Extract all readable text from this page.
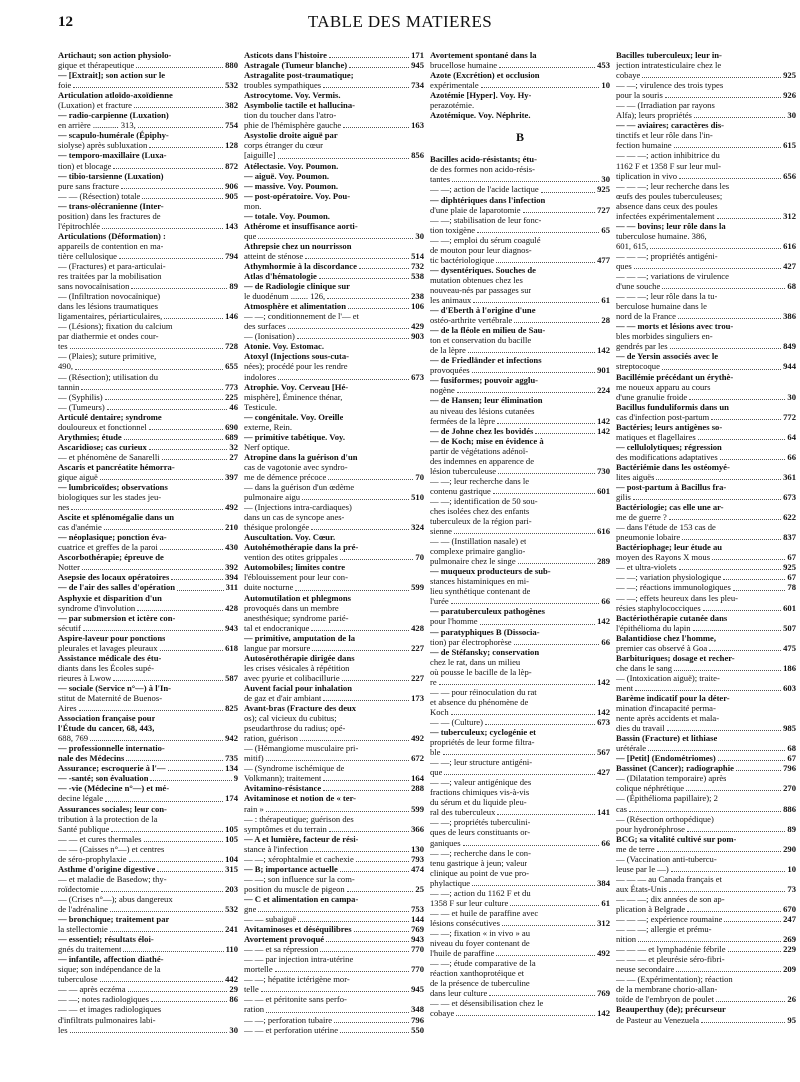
12	TABLE DES MATIERES
Artichaut; son action physiolo-
gique et thérapeutique	880
— [Extrait]; son action sur le
foie	532
Articulation atloïdo-axoïdienne
(Luxation) et fracture	382
— radio-carpienne (Luxation)
en arrière ............ 313,	754
— scapulo-humérale (Épiphy-
siolyse) après subluxation	128
— temporo-maxillaire (Luxa-
tion) et blocage	872
— tibio-tarsienne (Luxation)
pure sans fracture	906
— — (Résection) totale	905
— trans-olécranienne (Inter-
position) dans les fractures de
l'épitrochlée	143
Articulations (Déformation) :
appareils de contention en ma-
tière cellulosique	794
— (Fractures) et para-articulai-
res traitées par la mobilisation
sans novocaïnisation	89
— (Infiltration novocaïnique)
dans les lésions traumatiques
ligamentaires, périarticulaires,	146
— (Lésions); fixation du calcium
par diathermie et ondes cour-
tes	728
— (Plaies); suture primitive,
490,	655
— (Résection); utilisation du
tannin	773
— (Syphilis)	225
— (Tumeurs)	46
Articulé dentaire; syndrome
douloureux et fonctionnel	690
Arythmies; étude	689
Ascaridiose; cas curieux	32
— et phénomène de Sanarelli	27
Ascaris et pancréatite hémorra-
gique aiguë	397
— lumbricoïdes; observations
biologiques sur les stades jeu-
nes	492
Ascite et splénomégalie dans un
cas d'anémie	210
— néoplasique; ponction éva-
cuatrice et greffes de la paroi	430
Ascorbothérapie; épreuve de
Notter	392
Asepsie des locaux opératoires	394
— de l'air des salles d'opération	311
Asphyxie et disparition d'un
syndrome d'involution	428
— par submersion et ictère con-
sécutif	943
Aspire-laveur pour ponctions
pleurales et lavages pleuraux	618
Assistance médicale des étu-
diants dans les Écoles supé-
rieures à Lwow	587
— sociale (Service n°—) à l'In-
stitut de Maternité de Buenos-
Aires	825
Association française pour
l'Étude du cancer, 68, 443,
688, 769	942
— professionnelle internatio-
nale des Médecins	735
Assurance; escroquerie à l'—	134
— -santé; son évaluation	9
— -vie (Médecine n°—) et mé-
decine légale	174
Assurances sociales; leur con-
tribution à la protection de la
Santé publique	105
— — et cures thermales	105
— — (Caisses n°—) et centres
de séro-prophylaxie	104
Asthme d'origine digestive	315
— et maladie de Basedow; thy-
roïdectomie	203
— (Crises n°—); abus dangereux
de l'adrénaline	532
— bronchique; traitement par
la stellectomie	241
— essentiel; résultats éloi-
gnés du traitement	110
— infantile, affection diathé-
sique; son indépendance de la
tuberculose	442
— — après eczéma	29
— —; notes radiologiques	86
— — et images radiologiques
d'infiltrats pulmonaires labi-
les	30
Asticots dans l'histoire	171
Astragale (Tumeur blanche)	945
Astragalite post-traumatique;
troubles sympathiques	734
Astrocytome. Voy. Vermis.
Asymbolie tactile et hallucina-
tion du toucher dans l'atro-
phie de l'hémisphère gauche	163
Asystolie droite aiguë par
corps étranger du cœur
[aiguille]	856
Atélectasie. Voy. Poumon.
— aiguë. Voy. Poumon.
— massive. Voy. Poumon.
— post-opératoire. Voy. Pou-
mon.
— totale. Voy. Poumon.
Athérome et insuffisance aorti-
que	30
Athrepsie chez un nourrisson
atteint de sténose	514
Athymhormie à la discordance	732
Atlas d'hématologie	538
— de Radiologie clinique sur
le duodénum ........ 126,	238
Atmosphère et alimentation	106
— —; conditionnement de l'— et
des surfaces	429
— (Ionisation)	903
Atonie. Voy. Estomac.
Atoxyl (Injections sous-cuta-
nées); procédé pour les rendre
indolores	673
Atrophie. Voy. Cerveau [Hé-
misphère], Éminence thénar,
Testicule.
— congénitale. Voy. Oreille
externe, Rein.
— primitive tabétique. Voy.
Nerf optique.
Atropine dans la guérison d'un
cas de vagotonie avec syndro-
me de démence précoce	70
— dans la guérison d'un œdème
pulmonaire aigu	510
— (Injections intra-cardiaques)
dans un cas de syncope anes-
thésique prolongée	324
Auscultation. Voy. Cœur.
Autohémothérapie dans la pré-
vention des otites grippales	70
Automobiles; limites contre
l'éblouissement pour leur con-
duite nocturne	599
Automutilation et phlegmons
provoqués dans un membre
anesthésique; syndrome parié-
tal et endocranique	428
— primitive, amputation de la
langue par morsure	227
Autosérothérapie dirigée dans
les crises vésicales à répétition
avec pyurie et colibacillurie	227
Auvent facial pour inhalation
de gaz et d'air ambiant	173
Avant-bras (Fracture des deux
os); cal vicieux du cubitus;
pseudarthrose du radius; opé-
ration, guérison	492
— (Hémangiome musculaire pri-
mitif)	672
— (Syndrome ischémique de
Volkmann); traitement	164
Avitamino-résistance	288
Avitaminose et notion de « ter-
rain »	599
— : thérapeutique; guérison des
symptômes et du terrain	366
— A et lumière, facteur de rési-
stance à l'infection	130
— —; xérophtalmie et cachexie	793
— B; importance actuelle	474
— —; son influence sur la com-
position du muscle de pigeon	25
— C et alimentation en campa-
gne	753
— — subaiguë	144
Avitaminoses et déséquilibres	769
Avortement provoqué	943
— — et sa répression	770
— — par injection intra-utérine
mortelle	770
— —; hépatite ictérigène mor-
telle	945
— — et péritonite sans perfo-
ration	348
— —; perforation tubaire	796
— — et perforation utérine	550
Avortement spontané dans la
brucellose humaine	453
Azote (Excrétion) et occlusion
expérimentale	10
Azotémie [Hyper]. Voy. Hy-
perazotémie.
Azotémique. Voy. Néphrite.
B
Bacilles acido-résistants; étu-
de des formes non acido-résis-
tantes	30
— —; action de l'acide lactique	925
— diphtériques dans l'infection
d'une plaie de laparotomie	727
— —; stabilisation de leur fonc-
tion toxigène	65
— —; emploi du sérum coagulé
de mouton pour leur diagnos-
tic bactériologique	477
— dysentériques. Souches de
mutation obtenues chez les
nouveau-nés par passages sur
les animaux	61
— d'Eberth à l'origine d'une
ostéo-arthrite vertébrale	28
— de la fléole en milieu de Sau-
ton et conservation du bacille
de la lèpre	142
— de Friedländer et infections
provoquées	901
— fusiformes; pouvoir agglu-
nogène	224
— de Hansen; leur élimination
au niveau des lésions cutanées
fermées de la lèpre	142
— de Johne chez les bovidés	142
— de Koch; mise en évidence à
partir de végétations adénoï-
des indemnes en apparence de
lésion tuberculeuse	730
— —; leur recherche dans le
contenu gastrique	601
— —; identification de 50 sou-
ches isolées chez des enfants
tuberculeux de la région pari-
sienne	616
— — (Instillation nasale) et
complexe primaire ganglio-
pulmonaire chez le singe	289
— muqueux producteurs de sub-
stances histaminiques en mi-
lieu synthétique contenant de
l'urée	66
— paratuberculeux pathogènes
pour l'homme	142
— paratyphiques B (Dissocia-
tion) par électrophorèse	66
— de Stéfansky; conservation
chez le rat, dans un milieu
où pousse le bacille de la lèp-
re	142
— — pour réinoculation du rat
et absence du phénomène de
Koch	142
— — (Culture)	673
— tuberculeux; cyclogénie et
propriétés de leur forme filtra-
ble	567
— —; leur structure antigéni-
que	427
— —; valeur antigénique des
fractions chimiques vis-à-vis
du sérum et du liquide pleu-
ral des tuberculeux	141
— —; propriétés tuberculini-
ques de leurs constituants or-
ganiques	66
— —; recherche dans le con-
tenu gastrique à jeun; valeur
clinique au point de vue pro-
phylactique	384
— —; action du 1162 F et du
1358 F sur leur culture	61
— — et huile de paraffine avec
lésions consécutives	312
— —; fixation « in vivo » au
niveau du foyer contenant de
l'huile de paraffine	492
— —; étude comparative de la
réaction xanthoprotéique et
de la présence de tuberculine
dans leur culture	769
— — et désensibilisation chez le
cobaye	142
Bacilles tuberculeux; leur in-
jection intratesticulaire chez le
cobaye	925
— —; virulence des trois types
pour la souris	926
— — (Irradiation par rayons
Alfa); leurs propriétés	30
— — aviaires; caractères dis-
tinctifs et leur rôle dans l'in-
fection humaine	615
— — —; action inhibitrice du
1162 F et 1358 F sur leur mul-
tiplication in vivo	656
— — —; leur recherche dans les
œufs des poules tuberculeuses;
absence dans ceux des poules
infectées expérimentalement	312
— — bovins; leur rôle dans la
tuberculose humaine. 386,
601, 615,	616
— — —; propriétés antigéni-
ques	427
— — —; variations de virulence
d'une souche	68
— — —; leur rôle dans la tu-
berculose humaine dans le
nord de la France	386
— — morts et lésions avec trou-
bles morbides singuliers en-
gendrés par les	849
— de Yersin associés avec le
streptocoque	944
Bacillémie précédant un érythè-
me noueux apparu au cours
d'une granulie froide	30
Bacillus funduliformis dans un
cas d'infection post-partum	772
Bactéries; leurs antigènes so-
matiques et flagellaires	64
— cellulolytiques; régression
des modifications adaptatives	66
Bactériémie dans les ostéomyé-
lites aiguës	361
— post-partum à Bacillus fra-
gilis	673
Bactériologie; cas elle une ar-
me de guerre ?	622
— dans l'étude de 153 cas de
pneumonie lobaire	837
Bactériophage; leur étude au
moyen des Rayons X mous	67
— et ultra-violets	925
— —; variation physiologique	67
— —; réactions immunologiques	78
— —; effets heureux dans les pleu-
résies staphylococciques	601
Bactériothérapie cutanée dans
l'épithélioma du lapin	507
Balantidiose chez l'homme,
premier cas observé à Goa	475
Barbituriques; dosage et recher-
che dans le sang	186
— (Intoxication aiguë); traite-
ment	603
Barème indicatif pour la déter-
mination d'incapacité perma-
nente après accidents et mala-
dies du travail	985
Bassin (Fracture) et lithiase
urétérale	68
— [Petit] (Endométriomes)	67
Bassinet (Cancer); radiographie	796
— (Dilatation temporaire) après
colique néphrétique	270
— (Épithélioma papillaire); 2
cas	886
— (Résection orthopédique)
pour hydronéphrose	89
BCG; sa vitalité cultivé sur pom-
me de terre	290
— (Vaccination anti-tubercu-
leuse par le —)	10
— — — au Canada français et
aux États-Unis	73
— — —; dix années de son ap-
plication à Belgrade	670
— — —; expérience roumaine	247
— — —; allergie et prému-
nition	269
— — — et lymphadénie fébrile	229
— — — et pleurésie séro-fibri-
neuse secondaire	209
— — (Expérimentation); réaction
de la membrane chorio-allan-
toïde de l'embryon de poulet	26
Beauperthuy (de); précurseur
de Pasteur au Venezuela	95
